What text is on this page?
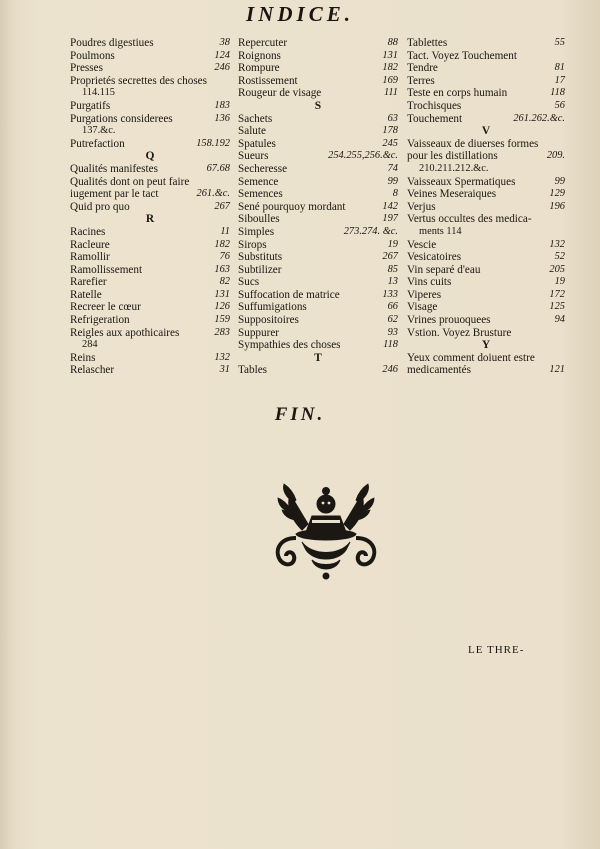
INDICE.
Poudres digestiues	38
Poulmons	124
Presses	246
Proprietés secrettes des choses
114.115
Purgatifs	183
Purgations considerees	136
137.&c.
Putrefaction	158.192
Q
Qualités manifestes	67.68
Qualités dont on peut faire
iugement par le tact	261.&c.
Quid pro quo	267
R
Racines	11
Racleure	182
Ramollir	76
Ramollissement	163
Rarefier	82
Ratelle	131
Recreer le cœur	126
Refrigeration	159
Reigles aux apothicaires	283
284
Reins	132
Relascher	31
Repercuter	88
Roignons	131
Rompure	182
Rostissement	169
Rougeur de visage	111
S
Sachets	63
Salute	178
Spatules	245
Sueurs	254.255,256.&c.
Secheresse	74
Semence	99
Semences	8
Sené pourquoy mordant	142
Siboulles	197
Simples	273.274. &c.
Sirops	19
Substituts	267
Subtilizer	85
Sucs	13
Suffocation de matrice	133
Suffumigations	66
Suppositoires	62
Suppurer	93
Sympathies des choses	118
T
Tables	246
Tablettes	55
Tact. Voyez Touchement
Tendre	81
Terres	17
Teste en corps humain	118
Trochisques	56
Touchement	261.262.&c.
V
Vaisseaux de diuerses formes
pour les distillations	209.
210.211.212.&c.
Vaisseaux Spermatiques	99
Veines Meseraiques	129
Verjus	196
Vertus occultes des medica-
ments 114
Vescie	132
Vesicatoires	52
Vin separé d'eau	205
Vins cuits	19
Viperes	172
Visage	125
Vrines prouoquees	94
Vstion. Voyez Brusture
Y
Yeux comment doiuent estre
medicamentés	121
FIN.
LE THRE-
